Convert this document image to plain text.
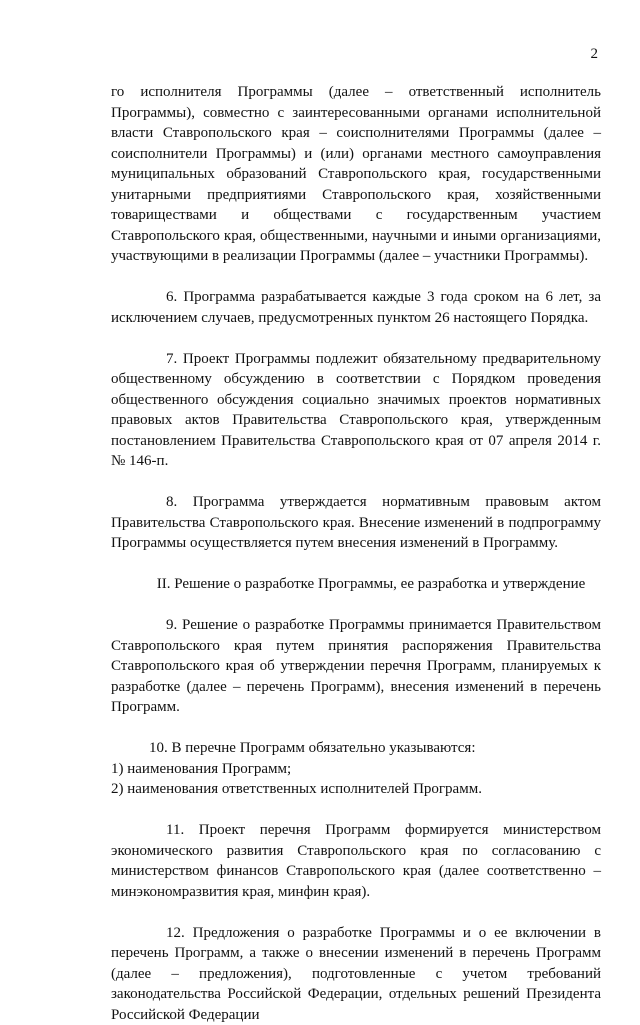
2

го исполнителя Программы (далее – ответственный исполнитель Программы), совместно с заинтересованными органами исполнительной власти Ставропольского края – соисполнителями Программы (далее – соисполнители Программы) и (или) органами местного самоуправления муниципальных образований Ставропольского края, государственными унитарными предприятиями Ставропольского края, хозяйственными товариществами и обществами с государственным участием Ставропольского края, общественными, научными и иными организациями, участвующими в реализации Программы (далее – участники Программы).

6. Программа разрабатывается каждые 3 года сроком на 6 лет, за исключением случаев, предусмотренных пунктом 26 настоящего Порядка.

7. Проект Программы подлежит обязательному предварительному общественному обсуждению в соответствии с Порядком проведения общественного обсуждения социально значимых проектов нормативных правовых актов Правительства Ставропольского края, утвержденным постановлением Правительства Ставропольского края от 07 апреля 2014 г. № 146-п.

8. Программа утверждается нормативным правовым актом Правительства Ставропольского края. Внесение изменений в подпрограмму Программы осуществляется путем внесения изменений в Программу.

II. Решение о разработке Программы, ее разработка и утверждение

9. Решение о разработке Программы принимается Правительством Ставропольского края путем принятия распоряжения Правительства Ставропольского края об утверждении перечня Программ, планируемых к разработке (далее – перечень Программ), внесения изменений в перечень Программ.

10. В перечне Программ обязательно указываются:

1) наименования Программ;

2) наименования ответственных исполнителей Программ.

11. Проект перечня Программ формируется министерством экономического развития Ставропольского края по согласованию с министерством финансов Ставропольского края (далее соответственно – минэкономразвития края, минфин края).

12. Предложения о разработке Программы и о ее включении в перечень Программ, а также о внесении изменений в перечень Программ (далее – предложения), подготовленные с учетом требований законодательства Российской Федерации, отдельных решений Президента Российской Федерации
